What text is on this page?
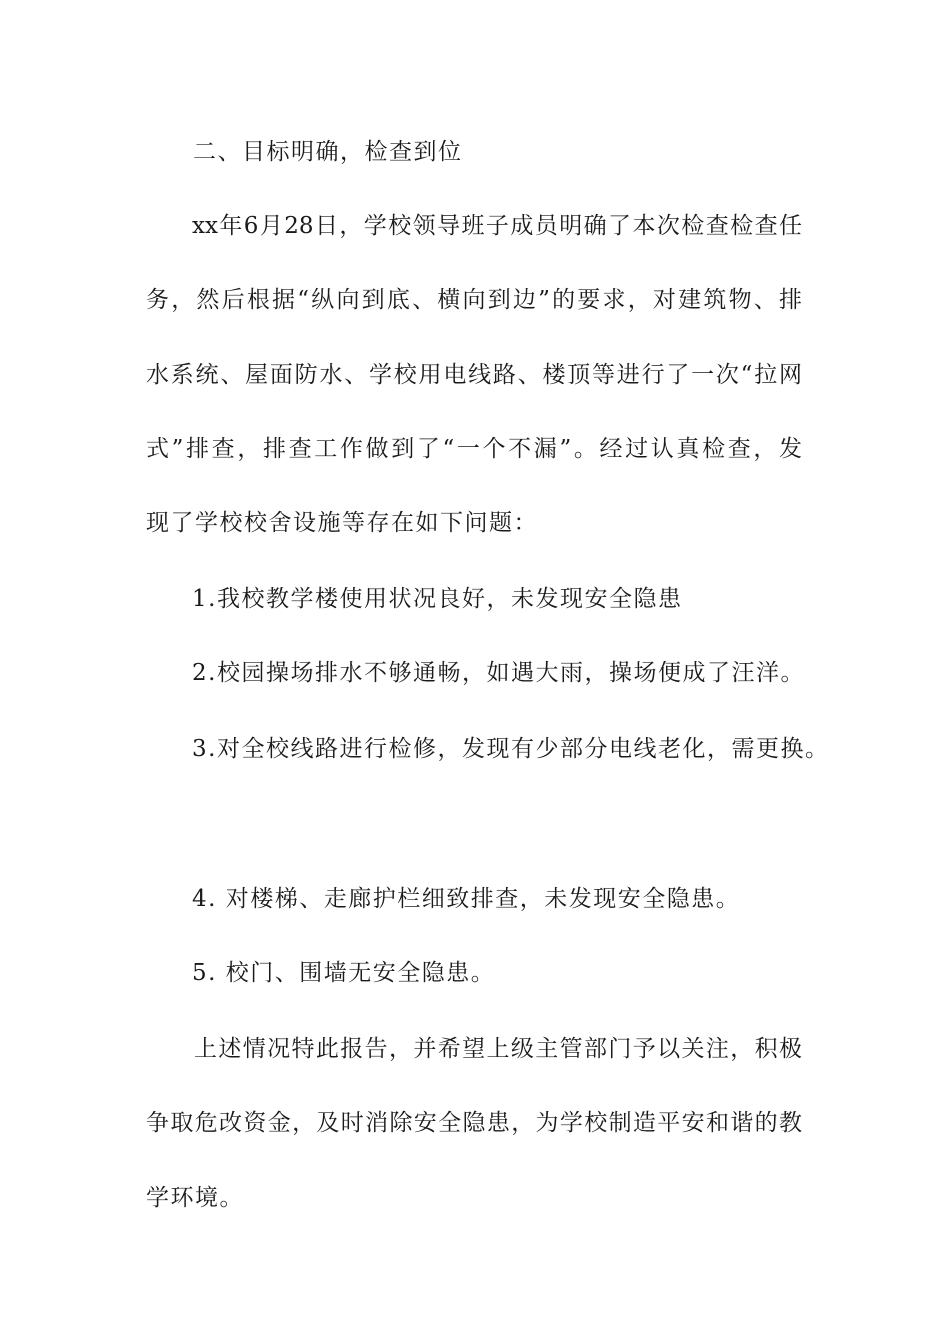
二、目标明确，检查到位
xx年6月28日，学校领导班子成员明确了本次检查检查任
务，然后根据“纵向到底、横向到边”的要求，对建筑物、排
水系统、屋面防水、学校用电线路、楼顶等进行了一次“拉网
式”排查，排查工作做到了“一个不漏”。经过认真检查，发
现了学校校舍设施等存在如下问题：
1.我校教学楼使用状况良好，未发现安全隐患
2.校园操场排水不够通畅，如遇大雨，操场便成了汪洋。
3.对全校线路进行检修，发现有少部分电线老化，需更换。
4. 对楼梯、走廊护栏细致排查，未发现安全隐患。
5. 校门、围墙无安全隐患。
上述情况特此报告，并希望上级主管部门予以关注，积极
争取危改资金，及时消除安全隐患，为学校制造平安和谐的教
学环境。
